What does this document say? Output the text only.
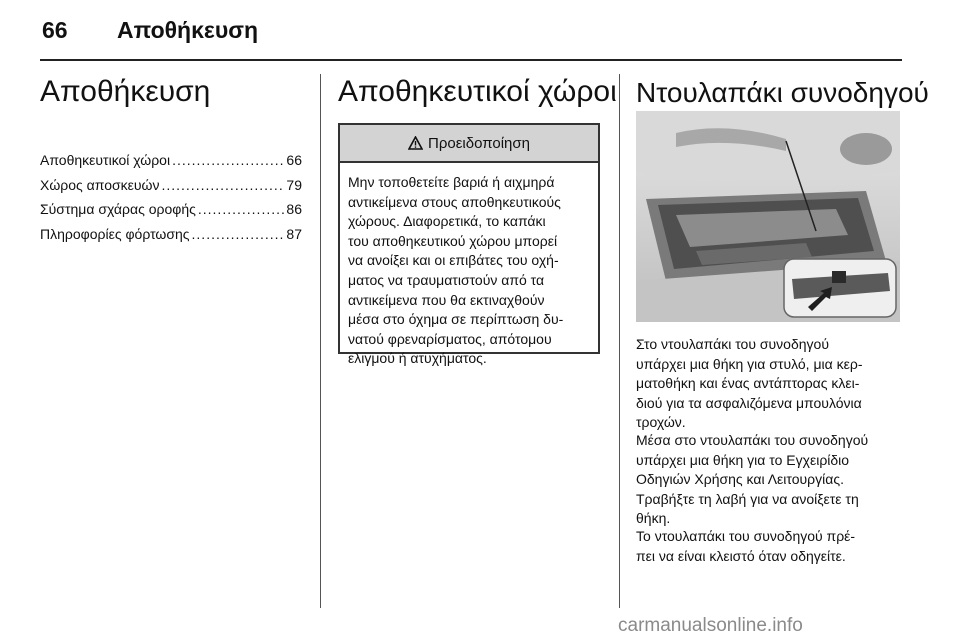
66 Αποθήκευση
Αποθήκευση
Αποθηκευτικοί χώροι .....	66
Χώρος αποσκευών .....	79
Σύστημα σχάρας οροφής .....	86
Πληροφορίες φόρτωσης .....	87
Αποθηκευτικοί χώροι
Προειδοποίηση
Μην τοποθετείτε βαριά ή αιχμηρά
αντικείμενα στους αποθηκευτικούς
χώρους. Διαφορετικά, το καπάκι
του αποθηκευτικού χώρου μπορεί
να ανοίξει και οι επιβάτες του οχή-
ματος να τραυματιστούν από τα
αντικείμενα που θα εκτιναχθούν
μέσα στο όχημα σε περίπτωση δυ-
νατού φρεναρίσματος, απότομου
ελιγμού ή ατυχήματος.
Ντουλαπάκι συνοδηγού
Στο ντουλαπάκι του συνοδηγού
υπάρχει μια θήκη για στυλό, μια κερ-
ματοθήκη και ένας αντάπτορας κλει-
διού για τα ασφαλιζόμενα μπουλόνια
τροχών.
Μέσα στο ντουλαπάκι του συνοδηγού
υπάρχει μια θήκη για το Εγχειρίδιο
Οδηγιών Χρήσης και Λειτουργίας.
Τραβήξτε τη λαβή για να ανοίξετε τη
θήκη.
Το ντουλαπάκι του συνοδηγού πρέ-
πει να είναι κλειστό όταν οδηγείτε.
carmanualsonline.info
